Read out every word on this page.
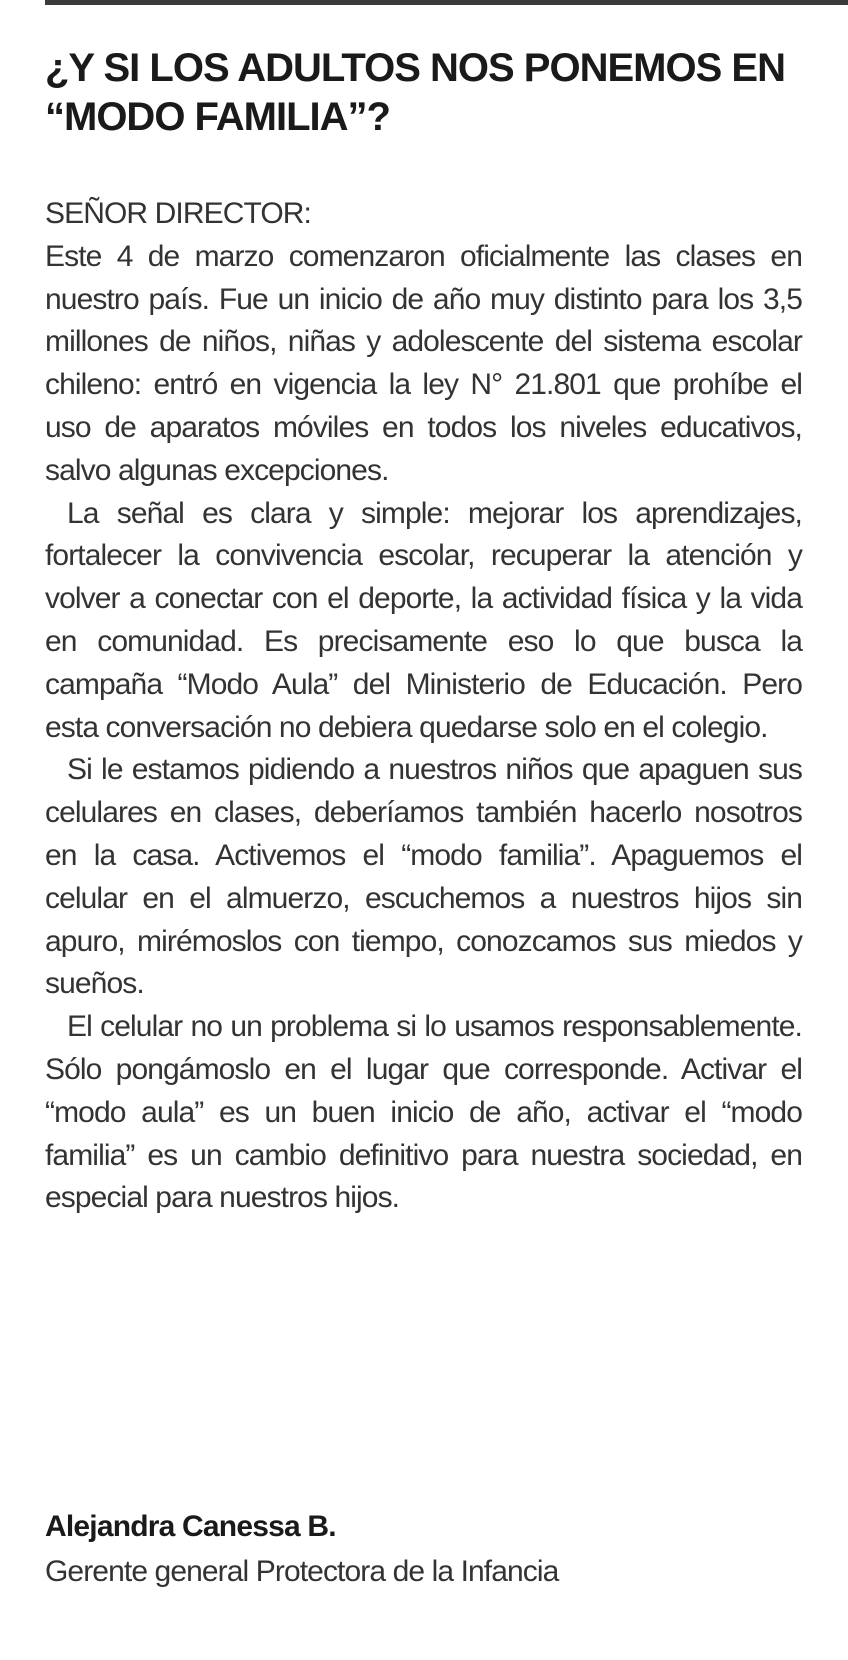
¿Y SI LOS ADULTOS NOS PONEMOS EN “MODO FAMILIA”?

SEÑOR DIRECTOR:

Este 4 de marzo comenzaron oficialmente las clases en nuestro país. Fue un inicio de año muy distinto para los 3,5 millones de niños, niñas y adolescente del sistema escolar chileno: entró en vigencia la ley N° 21.801 que prohíbe el uso de aparatos móviles en todos los niveles educativos, salvo algunas excepciones.

La señal es clara y simple: mejorar los aprendizajes, fortalecer la convivencia escolar, recuperar la atención y volver a conectar con el deporte, la actividad física y la vida en comunidad. Es precisamente eso lo que busca la campaña “Modo Aula” del Ministerio de Educación. Pero esta conversación no debiera quedarse solo en el colegio.

Si le estamos pidiendo a nuestros niños que apaguen sus celulares en clases, deberíamos también hacerlo nosotros en la casa. Activemos el “modo familia”. Apaguemos el celular en el almuerzo, escuchemos a nuestros hijos sin apuro, mirémoslos con tiempo, conozcamos sus miedos y sueños.

El celular no un problema si lo usamos responsablemente. Sólo pongámoslo en el lugar que corresponde. Activar el “modo aula” es un buen inicio de año, activar el “modo familia” es un cambio definitivo para nuestra sociedad, en especial para nuestros hijos.

Alejandra Canessa B.
Gerente general Protectora de la Infancia
